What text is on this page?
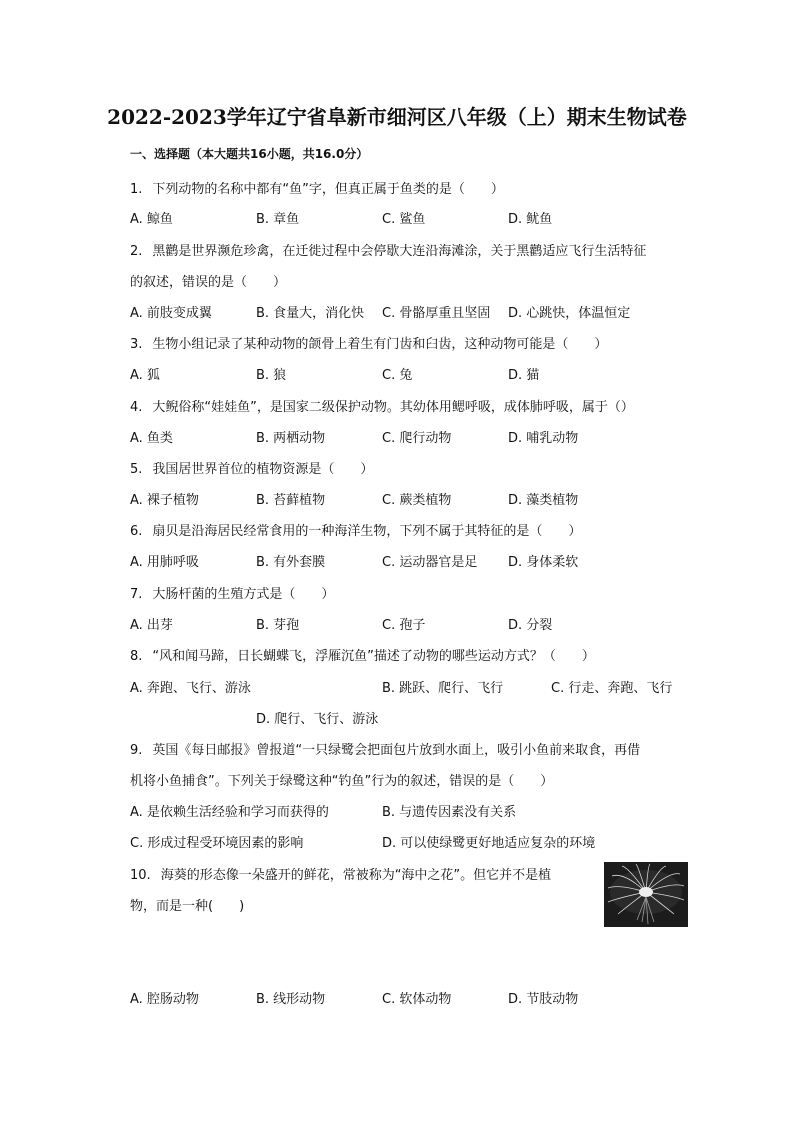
2022-2023学年辽宁省阜新市细河区八年级（上）期末生物试卷
一、选择题（本大题共16小题，共16.0分）
1. 下列动物的名称中都有“鱼”字，但真正属于鱼类的是（　　）
A. 鲸鱼	B. 章鱼	C. 鲨鱼	D. 鱿鱼
2. 黑鹳是世界濒危珍禽，在迁徙过程中会停歇大连沿海滩涂，关于黑鹳适应飞行生活特征
的叙述，错误的是（　　）
A. 前肢变成翼	B. 食量大，消化快 C. 骨骼厚重且坚固 D. 心跳快，体温恒定
3. 生物小组记录了某种动物的颌骨上着生有门齿和臼齿，这种动物可能是（　　）
A. 狐	B. 狼	C. 兔	D. 猫
4. 大鲵俗称“娃娃鱼”，是国家二级保护动物。其幼体用鳃呼吸，成体肺呼吸，属于（）
A. 鱼类	B. 两栖动物	C. 爬行动物	D. 哺乳动物
5. 我国居世界首位的植物资源是（　　）
A. 裸子植物	B. 苔藓植物	C. 蕨类植物	D. 藻类植物
6. 扇贝是沿海居民经常食用的一种海洋生物，下列不属于其特征的是（　　）
A. 用肺呼吸	B. 有外套膜	C. 运动器官是足 D. 身体柔软
7. 大肠杆菌的生殖方式是（　　）
A. 出芽	B. 芽孢	C. 孢子	D. 分裂
8. “风和闻马蹄，日长蝴蝶飞，浮雁沉鱼”描述了动物的哪些运动方式？（　　）
A. 奔跑、飞行、游泳	B. 跳跃、爬行、飞行	C. 行走、奔跑、飞行
D. 爬行、飞行、游泳
9. 英国《每日邮报》曾报道“一只绿鹭会把面包片放到水面上，吸引小鱼前来取食，再借
机将小鱼捕食”。下列关于绿鹭这种“钓鱼”行为的叙述，错误的是（　　）
A. 是依赖生活经验和学习而获得的	B. 与遗传因素没有关系
C. 形成过程受环境因素的影响	D. 可以使绿鹭更好地适应复杂的环境
10. 海葵的形态像一朵盛开的鲜花，常被称为“海中之花”。但它并不是植
物，而是一种(　　)
A. 腔肠动物	B. 线形动物	C. 软体动物	D. 节肢动物
